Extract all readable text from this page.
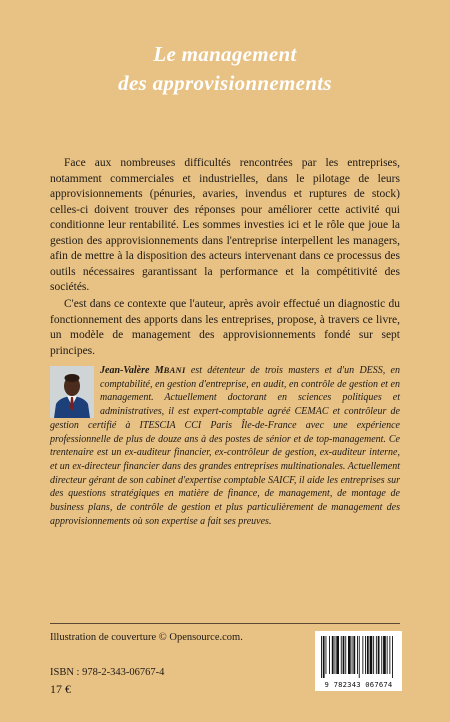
Le management
des approvisionnements

Face aux nombreuses difficultés rencontrées par les entreprises, notamment commerciales et industrielles, dans le pilotage de leurs approvisionnements (pénuries, avaries, invendus et ruptures de stock) celles-ci doivent trouver des réponses pour améliorer cette activité qui conditionne leur rentabilité. Les sommes investies ici et le rôle que joue la gestion des approvisionnements dans l'entreprise interpellent les managers, afin de mettre à la disposition des acteurs intervenant dans ce processus des outils nécessaires garantissant la performance et la compétitivité des sociétés.

C'est dans ce contexte que l'auteur, après avoir effectué un diagnostic du fonctionnement des apports dans les entreprises, propose, à travers ce livre, un modèle de management des approvisionnements fondé sur sept principes.

Jean-Valère MBANI est détenteur de trois masters et d'un DESS, en comptabilité, en gestion d'entreprise, en audit, en contrôle de gestion et en management. Actuellement doctorant en sciences politiques et administratives, il est expert-comptable agréé CEMAC et contrôleur de gestion certifié à ITESCIA CCI Paris Île-de-France avec une expérience professionnelle de plus de douze ans à des postes de sénior et de top-management. Ce trentenaire est un ex-auditeur financier, ex-contrôleur de gestion, ex-auditeur interne, et un ex-directeur financier dans des grandes entreprises multinationales. Actuellement directeur gérant de son cabinet d'expertise comptable SAICF, il aide les entreprises sur des questions stratégiques en matière de finance, de management, de montage de business plans, de contrôle de gestion et plus particulièrement de management des approvisionnements où son expertise a fait ses preuves.
Illustration de couverture © Opensource.com.
ISBN : 978-2-343-06767-4
17 €	9 782343 067674
